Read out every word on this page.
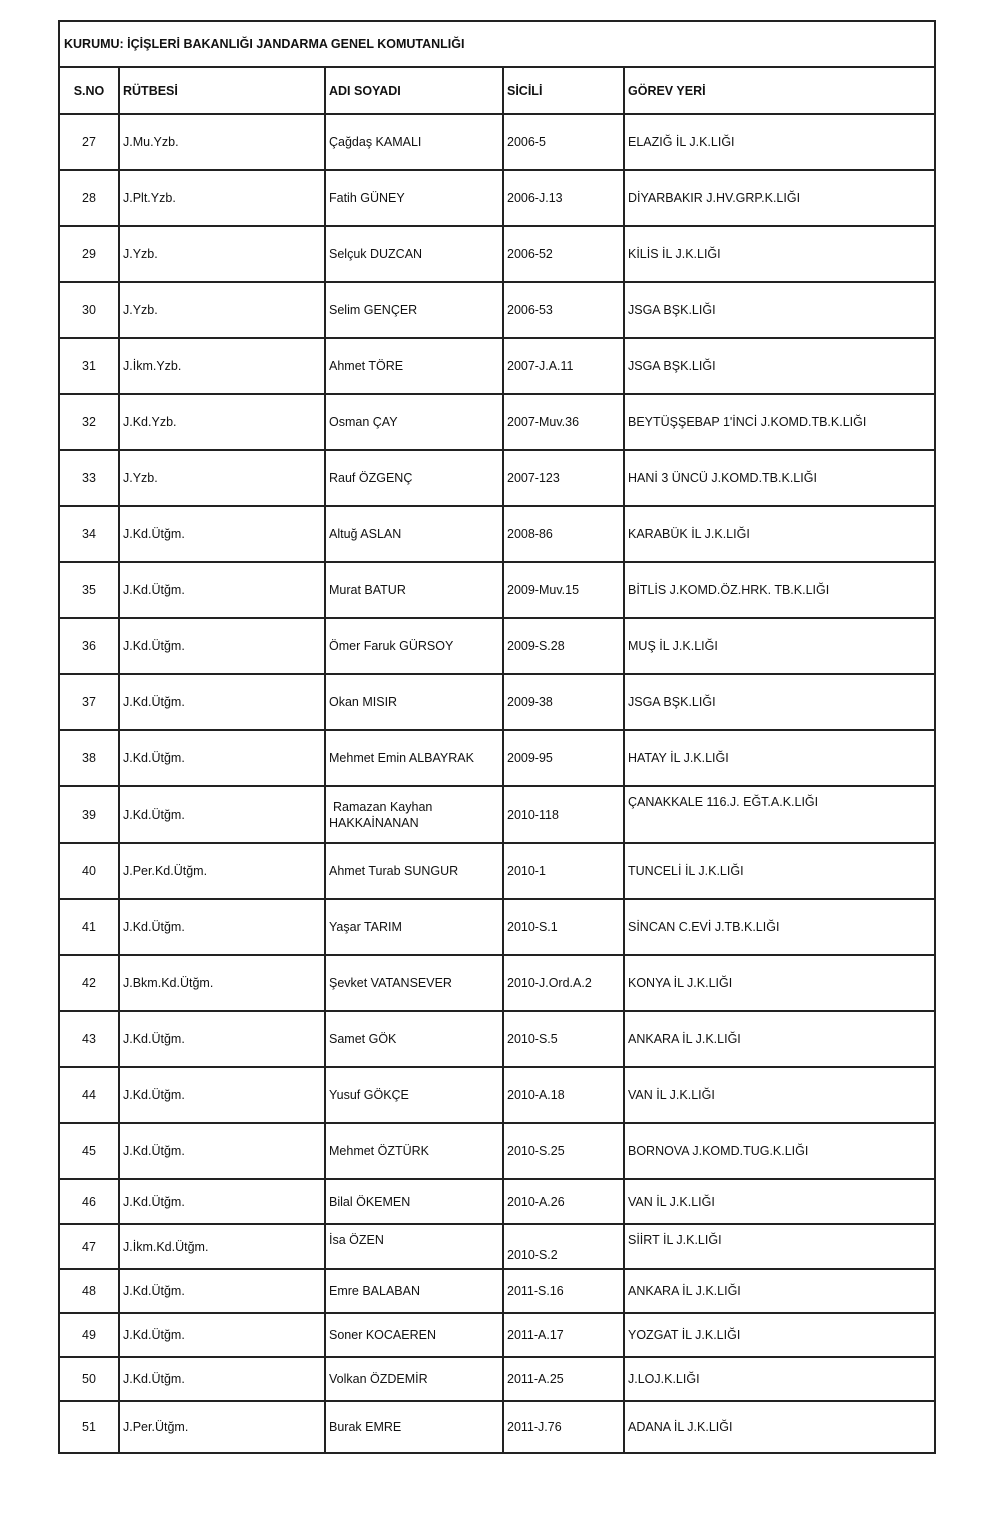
KURUMU: İÇİŞLERİ BAKANLIĞI JANDARMA GENEL KOMUTANLIĞI				
S.NO	RÜTBESİ	ADI SOYADI	SİCİLİ	GÖREV YERİ
27	J.Mu.Yzb.	Çağdaş KAMALI	2006-5	ELAZIĞ İL J.K.LIĞI
28	J.Plt.Yzb.	Fatih GÜNEY	2006-J.13	DİYARBAKIR J.HV.GRP.K.LIĞI
29	J.Yzb.	Selçuk DUZCAN	2006-52	KİLİS İL J.K.LIĞI
30	J.Yzb.	Selim GENÇER	2006-53	JSGA BŞK.LIĞI
31	J.İkm.Yzb.	Ahmet TÖRE	2007-J.A.11	JSGA BŞK.LIĞI
32	J.Kd.Yzb.	Osman ÇAY	2007-Muv.36	BEYTÜŞŞEBAP 1'İNCİ J.KOMD.TB.K.LIĞI
33	J.Yzb.	Rauf ÖZGENÇ	2007-123	HANİ 3 ÜNCÜ J.KOMD.TB.K.LIĞI
34	J.Kd.Ütğm.	Altuğ ASLAN	2008-86	KARABÜK İL J.K.LIĞI
35	J.Kd.Ütğm.	Murat BATUR	2009-Muv.15	BİTLİS J.KOMD.ÖZ.HRK. TB.K.LIĞI
36	J.Kd.Ütğm.	Ömer Faruk GÜRSOY	2009-S.28	MUŞ İL J.K.LIĞI
37	J.Kd.Ütğm.	Okan MISIR	2009-38	JSGA BŞK.LIĞI
38	J.Kd.Ütğm.	Mehmet Emin ALBAYRAK	2009-95	HATAY İL J.K.LIĞI
39	J.Kd.Ütğm.	Ramazan Kayhan
HAKKAİNANAN	2010-118	ÇANAKKALE 116.J. EĞT.A.K.LIĞI
40	J.Per.Kd.Ütğm.	Ahmet Turab SUNGUR	2010-1	TUNCELİ İL J.K.LIĞI
41	J.Kd.Ütğm.	Yaşar TARIM	2010-S.1	SİNCAN C.EVİ J.TB.K.LIĞI
42	J.Bkm.Kd.Ütğm.	Şevket VATANSEVER	2010-J.Ord.A.2	KONYA İL J.K.LIĞI
43	J.Kd.Ütğm.	Samet GÖK	2010-S.5	ANKARA İL J.K.LIĞI
44	J.Kd.Ütğm.	Yusuf GÖKÇE	2010-A.18	VAN İL J.K.LIĞI
45	J.Kd.Ütğm.	Mehmet ÖZTÜRK	2010-S.25	BORNOVA J.KOMD.TUG.K.LIĞI
46	J.Kd.Ütğm.	Bilal ÖKEMEN	2010-A.26	VAN İL J.K.LIĞI
47	J.İkm.Kd.Ütğm.	İsa ÖZEN	2010-S.2	SİİRT İL J.K.LIĞI
48	J.Kd.Ütğm.	Emre BALABAN	2011-S.16	ANKARA İL J.K.LIĞI
49	J.Kd.Ütğm.	Soner KOCAEREN	2011-A.17	YOZGAT İL J.K.LIĞI
50	J.Kd.Ütğm.	Volkan ÖZDEMİR	2011-A.25	J.LOJ.K.LIĞI
51	J.Per.Ütğm.	Burak EMRE	2011-J.76	ADANA İL J.K.LIĞI
